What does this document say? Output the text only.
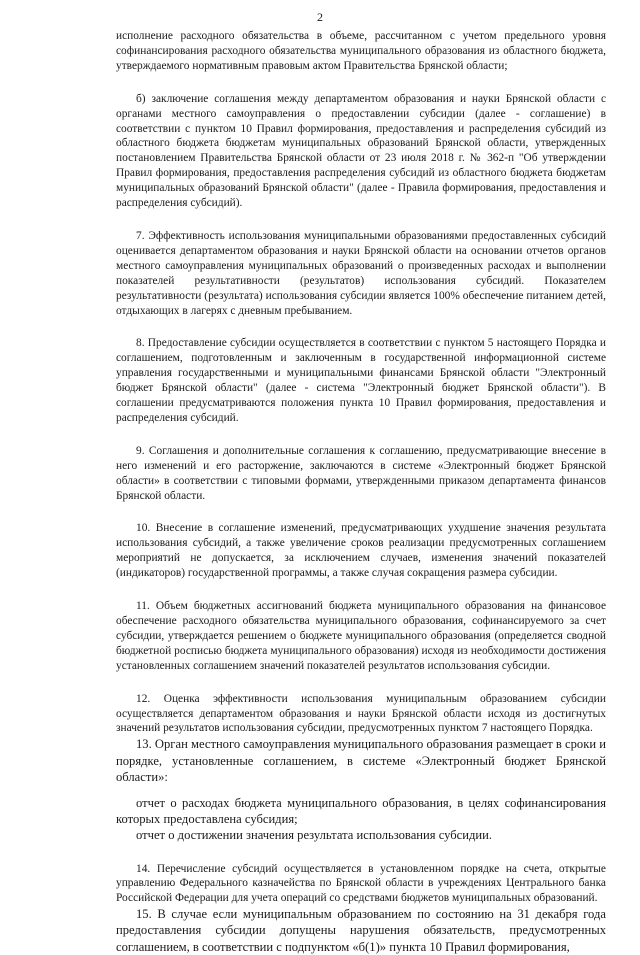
2

исполнение расходного обязательства в объеме, рассчитанном с учетом предельного уровня софинансирования расходного обязательства муниципального образования из областного бюджета, утверждаемого нормативным правовым актом Правительства Брянской области;

б) заключение соглашения между департаментом образования и науки Брянской области с органами местного самоуправления о предоставлении субсидии (далее - соглашение) в соответствии с пунктом 10 Правил формирования, предоставления и распределения субсидий из областного бюджета бюджетам муниципальных образований Брянской области, утвержденных постановлением Правительства Брянской области от 23 июля 2018 г. № 362-п "Об утверждении Правил формирования, предоставления распределения субсидий из областного бюджета бюджетам муниципальных образований Брянской области" (далее - Правила формирования, предоставления и распределения субсидий).

7. Эффективность использования муниципальными образованиями предоставленных субсидий оценивается департаментом образования и науки Брянской области на основании отчетов органов местного самоуправления муниципальных образований о произведенных расходах и выполнении показателей результативности (результатов) использования субсидий. Показателем результативности (результата) использования субсидии является 100% обеспечение питанием детей, отдыхающих в лагерях с дневным пребыванием.

8. Предоставление субсидии осуществляется в соответствии с пунктом 5 настоящего Порядка и соглашением, подготовленным и заключенным в государственной информационной системе управления государственными и муниципальными финансами Брянской области "Электронный бюджет Брянской области" (далее - система "Электронный бюджет Брянской области"). В соглашении предусматриваются положения пункта 10 Правил формирования, предоставления и распределения субсидий.

9. Соглашения и дополнительные соглашения к соглашению, предусматривающие внесение в него изменений и его расторжение, заключаются в системе «Электронный бюджет Брянской области» в соответствии с типовыми формами, утвержденными приказом департамента финансов Брянской области.

10. Внесение в соглашение изменений, предусматривающих ухудшение значения результата использования субсидий, а также увеличение сроков реализации предусмотренных соглашением мероприятий не допускается, за исключением случаев, изменения значений показателей (индикаторов) государственной программы, а также случая сокращения размера субсидии.

11. Объем бюджетных ассигнований бюджета муниципального образования на финансовое обеспечение расходного обязательства муниципального образования, софинансируемого за счет субсидии, утверждается решением о бюджете муниципального образования (определяется сводной бюджетной росписью бюджета муниципального образования) исходя из необходимости достижения установленных соглашением значений показателей результатов использования субсидии.

12. Оценка эффективности использования муниципальным образованием субсидии осуществляется департаментом образования и науки Брянской области исходя из достигнутых значений результатов использования субсидии, предусмотренных пунктом 7 настоящего Порядка.

13. Орган местного самоуправления муниципального образования размещает в сроки и порядке, установленные соглашением, в системе «Электронный бюджет Брянской области»:

отчет о расходах бюджета муниципального образования, в целях софинансирования которых предоставлена субсидия;

отчет о достижении значения результата использования субсидии.

14. Перечисление субсидий осуществляется в установленном порядке на счета, открытые управлению Федерального казначейства по Брянской области в учреждениях Центрального банка Российской Федерации для учета операций со средствами бюджетов муниципальных образований.

15. В случае если муниципальным образованием по состоянию на 31 декабря года предоставления субсидии допущены нарушения обязательств, предусмотренных соглашением, в соответствии с подпунктом «б(1)» пункта 10 Правил формирования,
